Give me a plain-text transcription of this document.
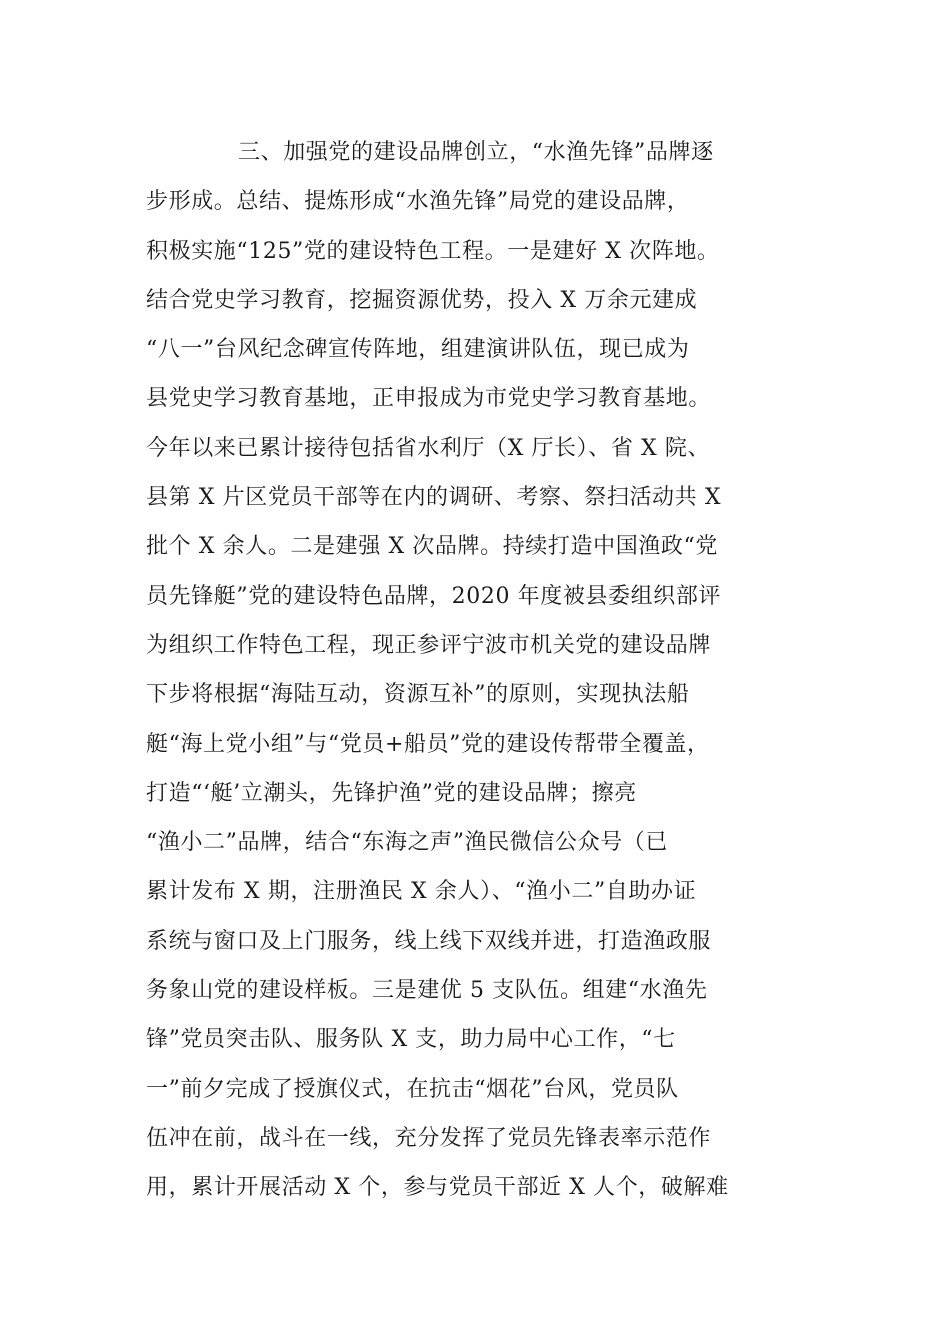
三、加强党的建设品牌创立，“水渔先锋”品牌逐
步形成。总结、提炼形成“水渔先锋”局党的建设品牌，
积极实施“125”党的建设特色工程。一是建好 X 次阵地。
结合党史学习教育，挖掘资源优势，投入 X 万余元建成
“八一”台风纪念碑宣传阵地，组建演讲队伍，现已成为
县党史学习教育基地，正申报成为市党史学习教育基地。
今年以来已累计接待包括省水利厅（X 厅长）、省 X 院、
县第 X 片区党员干部等在内的调研、考察、祭扫活动共 X
批个 X 余人。二是建强 X 次品牌。持续打造中国渔政“党
员先锋艇”党的建设特色品牌，2020 年度被县委组织部评
为组织工作特色工程，现正参评宁波市机关党的建设品牌
下步将根据“海陆互动，资源互补”的原则，实现执法船
艇“海上党小组”与“党员+船员”党的建设传帮带全覆盖，
打造“‘艇’立潮头，先锋护渔”党的建设品牌；擦亮
“渔小二”品牌，结合“东海之声”渔民微信公众号（已
累计发布 X 期，注册渔民 X 余人）、“渔小二”自助办证
系统与窗口及上门服务，线上线下双线并进，打造渔政服
务象山党的建设样板。三是建优 5 支队伍。组建“水渔先
锋”党员突击队、服务队 X 支，助力局中心工作，“七
一”前夕完成了授旗仪式，在抗击“烟花”台风，党员队
伍冲在前，战斗在一线，充分发挥了党员先锋表率示范作
用，累计开展活动 X 个，参与党员干部近 X 人个，破解难
